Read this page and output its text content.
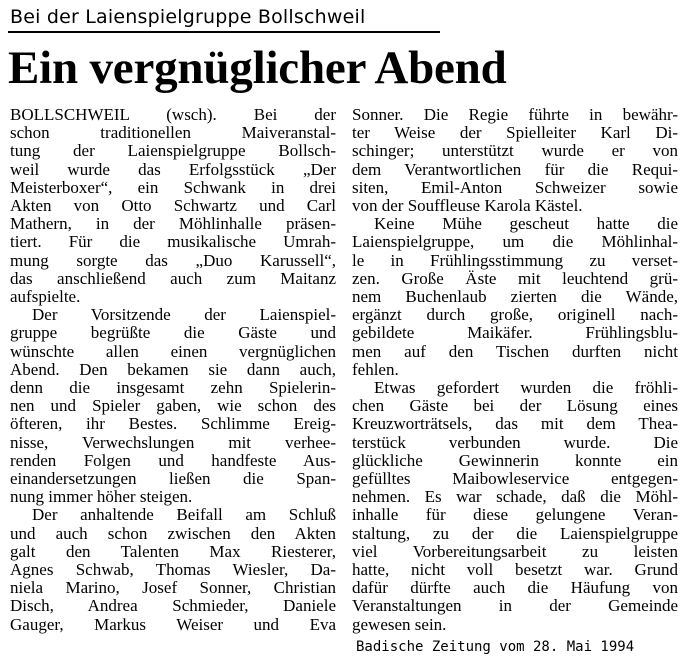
Bei der Laienspielgruppe Bollschweil
Ein vergnüglicher Abend

BOLLSCHWEIL (wsch). Bei der
schon traditionellen Maiveranstal-
tung der Laienspielgruppe Bollsch-
weil wurde das Erfolgsstück „Der
Meisterboxer“, ein Schwank in drei
Akten von Otto Schwartz und Carl
Mathern, in der Möhlinhalle präsen-
tiert. Für die musikalische Umrah-
mung sorgte das „Duo Karussell“,
das anschließend auch zum Maitanz
aufspielte.

Der Vorsitzende der Laienspiel-
gruppe begrüßte die Gäste und
wünschte allen einen vergnüglichen
Abend. Den bekamen sie dann auch,
denn die insgesamt zehn Spielerin-
nen und Spieler gaben, wie schon des
öfteren, ihr Bestes. Schlimme Ereig-
nisse, Verwechslungen mit verhee-
renden Folgen und handfeste Aus-
einandersetzungen ließen die Span-
nung immer höher steigen.

Der anhaltende Beifall am Schluß
und auch schon zwischen den Akten
galt den Talenten Max Riesterer,
Agnes Schwab, Thomas Wiesler, Da-
niela Marino, Josef Sonner, Christian
Disch, Andrea Schmieder, Daniele
Gauger, Markus Weiser und Eva

Sonner. Die Regie führte in bewähr-
ter Weise der Spielleiter Karl Di-
schinger; unterstützt wurde er von
dem Verantwortlichen für die Requi-
siten, Emil-Anton Schweizer sowie
von der Souffleuse Karola Kästel.

Keine Mühe gescheut hatte die
Laienspielgruppe, um die Möhlinhal-
le in Frühlingsstimmung zu verset-
zen. Große Äste mit leuchtend grü-
nem Buchenlaub zierten die Wände,
ergänzt durch große, originell nach-
gebildete Maikäfer. Frühlingsblu-
men auf den Tischen durften nicht
fehlen.

Etwas gefordert wurden die fröhli-
chen Gäste bei der Lösung eines
Kreuzworträtsels, das mit dem Thea-
terstück verbunden wurde. Die
glückliche Gewinnerin konnte ein
gefülltes Maibowleservice entgegen-
nehmen. Es war schade, daß die Möhl-
inhalle für diese gelungene Veran-
staltung, zu der die Laienspielgruppe
viel Vorbereitungsarbeit zu leisten
hatte, nicht voll besetzt war. Grund
dafür dürfte auch die Häufung von
Veranstaltungen in der Gemeinde
gewesen sein.

Badische Zeitung vom 28. Mai 1994
